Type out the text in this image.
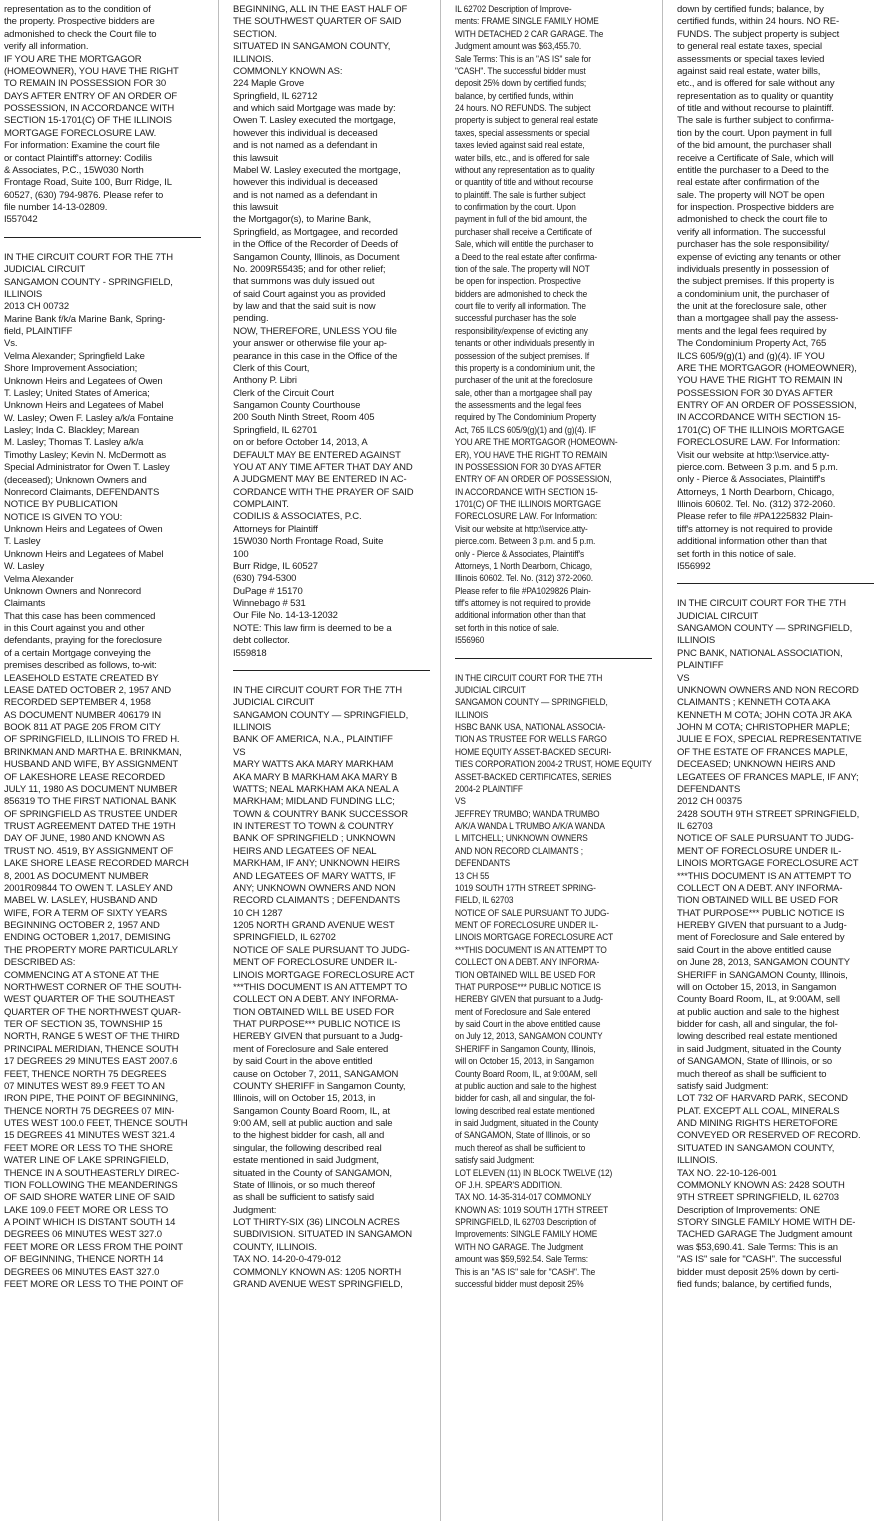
representation as to the condition of
the property. Prospective bidders are
admonished to check the Court file to
verify all information.
IF YOU ARE THE MORTGAGOR
(HOMEOWNER), YOU HAVE THE RIGHT
TO REMAIN IN POSSESSION FOR 30
DAYS AFTER ENTRY OF AN ORDER OF
POSSESSION, IN ACCORDANCE WITH
SECTION 15-1701(C) OF THE ILLINOIS
MORTGAGE FORECLOSURE LAW.
For information: Examine the court file
or contact Plaintiff's attorney: Codilis
& Associates, P.C., 15W030 North
Frontage Road, Suite 100, Burr Ridge, IL
60527, (630) 794-9876. Please refer to
file number 14-13-02809.
I557042
IN THE CIRCUIT COURT FOR THE 7TH
JUDICIAL CIRCUIT
SANGAMON COUNTY - SPRINGFIELD,
ILLINOIS
2013 CH 00732
Marine Bank f/k/a Marine Bank, Spring-
field, PLAINTIFF
Vs.
Velma Alexander; Springfield Lake
Shore Improvement Association;
Unknown Heirs and Legatees of Owen
T. Lasley; United States of America;
Unknown Heirs and Legatees of Mabel
W. Lasley; Owen F. Lasley a/k/a Fontaine
Lasley; Inda C. Blackley; Marean
M. Lasley; Thomas T. Lasley a/k/a
Timothy Lasley; Kevin N. McDermott as
Special Administrator for Owen T. Lasley
(deceased); Unknown Owners and
Nonrecord Claimants, DEFENDANTS
NOTICE BY PUBLICATION
NOTICE IS GIVEN TO YOU:
Unknown Heirs and Legatees of Owen
T. Lasley
Unknown Heirs and Legatees of Mabel
W. Lasley
Velma Alexander
Unknown Owners and Nonrecord
Claimants
That this case has been commenced
in this Court against you and other
defendants, praying for the foreclosure
of a certain Mortgage conveying the
premises described as follows, to-wit:
LEASEHOLD ESTATE CREATED BY
LEASE DATED OCTOBER 2, 1957 AND
RECORDED SEPTEMBER 4, 1958
AS DOCUMENT NUMBER 406179 IN
BOOK 811 AT PAGE 205 FROM CITY
OF SPRINGFIELD, ILLINOIS TO FRED H.
BRINKMAN AND MARTHA E. BRINKMAN,
HUSBAND AND WIFE, BY ASSIGNMENT
OF LAKESHORE LEASE RECORDED
JULY 11, 1980 AS DOCUMENT NUMBER
856319 TO THE FIRST NATIONAL BANK
OF SPRINGFIELD AS TRUSTEE UNDER
TRUST AGREEMENT DATED THE 19TH
DAY OF JUNE, 1980 AND KNOWN AS
TRUST NO. 4519, BY ASSIGNMENT OF
LAKE SHORE LEASE RECORDED MARCH
8, 2001 AS DOCUMENT NUMBER
2001R09844 TO OWEN T. LASLEY AND
MABEL W. LASLEY, HUSBAND AND
WIFE, FOR A TERM OF SIXTY YEARS
BEGINNING OCTOBER 2, 1957 AND
ENDING OCTOBER 1,2017, DEMISING
THE PROPERTY MORE PARTICULARLY
DESCRIBED AS:
COMMENCING AT A STONE AT THE
NORTHWEST CORNER OF THE SOUTH-
WEST QUARTER OF THE SOUTHEAST
QUARTER OF THE NORTHWEST QUAR-
TER OF SECTION 35, TOWNSHIP 15
NORTH, RANGE 5 WEST OF THE THIRD
PRINCIPAL MERIDIAN, THENCE SOUTH
17 DEGREES 29 MINUTES EAST 2007.6
FEET, THENCE NORTH 75 DEGREES
07 MINUTES WEST 89.9 FEET TO AN
IRON PIPE, THE POINT OF BEGINNING,
THENCE NORTH 75 DEGREES 07 MIN-
UTES WEST 100.0 FEET, THENCE SOUTH
15 DEGREES 41 MINUTES WEST 321.4
FEET MORE OR LESS TO THE SHORE
WATER LINE OF LAKE SPRINGFIELD,
THENCE IN A SOUTHEASTERLY DIREC-
TION FOLLOWING THE MEANDERINGS
OF SAID SHORE WATER LINE OF SAID
LAKE 109.0 FEET MORE OR LESS TO
A POINT WHICH IS DISTANT SOUTH 14
DEGREES 06 MINUTES WEST 327.0
FEET MORE OR LESS FROM THE POINT
OF BEGINNING, THENCE NORTH 14
DEGREES 06 MINUTES EAST 327.0
FEET MORE OR LESS TO THE POINT OF
BEGINNING, ALL IN THE EAST HALF OF
THE SOUTHWEST QUARTER OF SAID
SECTION.
SITUATED IN SANGAMON COUNTY,
ILLINOIS.
COMMONLY KNOWN AS:
224 Maple Grove
Springfield, IL 62712
and which said Mortgage was made by:
Owen T. Lasley executed the mortgage,
however this individual is deceased
and is not named as a defendant in
this lawsuit
Mabel W. Lasley executed the mortgage,
however this individual is deceased
and is not named as a defendant in
this lawsuit
the Mortgagor(s), to Marine Bank,
Springfield, as Mortgagee, and recorded
in the Office of the Recorder of Deeds of
Sangamon County, Illinois, as Document
No. 2009R55435; and for other relief;
that summons was duly issued out
of said Court against you as provided
by law and that the said suit is now
pending.
NOW, THEREFORE, UNLESS YOU file
your answer or otherwise file your ap-
pearance in this case in the Office of the
Clerk of this Court,
Anthony P. Libri
Clerk of the Circuit Court
Sangamon County Courthouse
200 South Ninth Street, Room 405
Springfield, IL 62701
on or before October 14, 2013, A
DEFAULT MAY BE ENTERED AGAINST
YOU AT ANY TIME AFTER THAT DAY AND
A JUDGMENT MAY BE ENTERED IN AC-
CORDANCE WITH THE PRAYER OF SAID
COMPLAINT.
CODILIS & ASSOCIATES, P.C.
Attorneys for Plaintiff
15W030 North Frontage Road, Suite
100
Burr Ridge, IL 60527
(630) 794-5300
DuPage # 15170
Winnebago # 531
Our File No. 14-13-12032
NOTE: This law firm is deemed to be a
debt collector.
I559818
IN THE CIRCUIT COURT FOR THE 7TH
JUDICIAL CIRCUIT
SANGAMON COUNTY — SPRINGFIELD,
ILLINOIS
BANK OF AMERICA, N.A., PLAINTIFF
VS
MARY WATTS AKA MARY MARKHAM
AKA MARY B MARKHAM AKA MARY B
WATTS; NEAL MARKHAM AKA NEAL A
MARKHAM; MIDLAND FUNDING LLC;
TOWN & COUNTRY BANK SUCCESSOR
IN INTEREST TO TOWN & COUNTRY
BANK OF SPRINGFIELD ; UNKNOWN
HEIRS AND LEGATEES OF NEAL
MARKHAM, IF ANY; UNKNOWN HEIRS
AND LEGATEES OF MARY WATTS, IF
ANY; UNKNOWN OWNERS AND NON
RECORD CLAIMANTS ; DEFENDANTS
10 CH 1287
1205 NORTH GRAND AVENUE WEST
SPRINGFIELD, IL 62702
NOTICE OF SALE PURSUANT TO JUDG-
MENT OF FORECLOSURE UNDER IL-
LINOIS MORTGAGE FORECLOSURE ACT
***THIS DOCUMENT IS AN ATTEMPT TO
COLLECT ON A DEBT. ANY INFORMA-
TION OBTAINED WILL BE USED FOR
THAT PURPOSE*** PUBLIC NOTICE IS
HEREBY GIVEN that pursuant to a Judg-
ment of Foreclosure and Sale entered
by said Court in the above entitled
cause on October 7, 2011, SANGAMON
COUNTY SHERIFF in Sangamon County,
Illinois, will on October 15, 2013, in
Sangamon County Board Room, IL, at
9:00 AM, sell at public auction and sale
to the highest bidder for cash, all and
singular, the following described real
estate mentioned in said Judgment,
situated in the County of SANGAMON,
State of Illinois, or so much thereof
as shall be sufficient to satisfy said
Judgment:
LOT THIRTY-SIX (36) LINCOLN ACRES
SUBDIVISION. SITUATED IN SANGAMON
COUNTY, ILLINOIS.
TAX NO. 14-20-0-479-012
COMMONLY KNOWN AS: 1205 NORTH
GRAND AVENUE WEST SPRINGFIELD,
IL 62702 Description of Improve-
ments: FRAME SINGLE FAMILY HOME
WITH DETACHED 2 CAR GARAGE. The
Judgment amount was $63,455.70.
Sale Terms: This is an "AS IS" sale for
"CASH". The successful bidder must
deposit 25% down by certified funds;
balance, by certified funds, within
24 hours. NO REFUNDS. The subject
property is subject to general real estate
taxes, special assessments or special
taxes levied against said real estate,
water bills, etc., and is offered for sale
without any representation as to quality
or quantity of title and without recourse
to plaintiff. The sale is further subject
to confirmation by the court. Upon
payment in full of the bid amount, the
purchaser shall receive a Certificate of
Sale, which will entitle the purchaser to
a Deed to the real estate after confirma-
tion of the sale. The property will NOT
be open for inspection. Prospective
bidders are admonished to check the
court file to verify all information. The
successful purchaser has the sole
responsibility/expense of evicting any
tenants or other individuals presently in
possession of the subject premises. If
this property is a condominium unit, the
purchaser of the unit at the foreclosure
sale, other than a mortgagee shall pay
the assessments and the legal fees
required by The Condominium Property
Act, 765 ILCS 605/9(g)(1) and (g)(4). IF
YOU ARE THE MORTGAGOR (HOMEOWN-
ER), YOU HAVE THE RIGHT TO REMAIN
IN POSSESSION FOR 30 DYAS AFTER
ENTRY OF AN ORDER OF POSSESSION,
IN ACCORDANCE WITH SECTION 15-
1701(C) OF THE ILLINOIS MORTGAGE
FORECLOSURE LAW. For Information:
Visit our website at http:\\service.atty-
pierce.com. Between 3 p.m. and 5 p.m.
only - Pierce & Associates, Plaintiff's
Attorneys, 1 North Dearborn, Chicago,
Illinois 60602. Tel. No. (312) 372-2060.
Please refer to file #PA1029826 Plain-
tiff's attorney is not required to provide
additional information other than that
set forth in this notice of sale.
I556960
IN THE CIRCUIT COURT FOR THE 7TH
JUDICIAL CIRCUIT
SANGAMON COUNTY — SPRINGFIELD,
ILLINOIS
HSBC BANK USA, NATIONAL ASSOCIA-
TION AS TRUSTEE FOR WELLS FARGO
HOME EQUITY ASSET-BACKED SECURI-
TIES CORPORATION 2004-2 TRUST, HOME EQUITY
ASSET-BACKED CERTIFICATES, SERIES
2004-2 PLAINTIFF
VS
JEFFREY TRUMBO; WANDA TRUMBO
A/K/A WANDA L TRUMBO A/K/A WANDA
L MITCHELL; UNKNOWN OWNERS
AND NON RECORD CLAIMANTS ;
DEFENDANTS
13 CH 55
1019 SOUTH 17TH STREET SPRING-
FIELD, IL 62703
NOTICE OF SALE PURSUANT TO JUDG-
MENT OF FORECLOSURE UNDER IL-
LINOIS MORTGAGE FORECLOSURE ACT
***THIS DOCUMENT IS AN ATTEMPT TO
COLLECT ON A DEBT. ANY INFORMA-
TION OBTAINED WILL BE USED FOR
THAT PURPOSE*** PUBLIC NOTICE IS
HEREBY GIVEN that pursuant to a Judg-
ment of Foreclosure and Sale entered
by said Court in the above entitled cause
on July 12, 2013, SANGAMON COUNTY
SHERIFF in Sangamon County, Illinois,
will on October 15, 2013, in Sangamon
County Board Room, IL, at 9:00AM, sell
at public auction and sale to the highest
bidder for cash, all and singular, the fol-
lowing described real estate mentioned
in said Judgment, situated in the County
of SANGAMON, State of Illinois, or so
much thereof as shall be sufficient to
satisfy said Judgment:
LOT ELEVEN (11) IN BLOCK TWELVE (12)
OF J.H. SPEAR'S ADDITION.
TAX NO. 14-35-314-017 COMMONLY
KNOWN AS: 1019 SOUTH 17TH STREET
SPRINGFIELD, IL 62703 Description of
Improvements: SINGLE FAMILY HOME
WITH NO GARAGE. The Judgment
amount was $59,592.54. Sale Terms:
This is an "AS IS" sale for "CASH". The
successful bidder must deposit 25%
down by certified funds; balance, by
certified funds, within 24 hours. NO RE-
FUNDS. The subject property is subject
to general real estate taxes, special
assessments or special taxes levied
against said real estate, water bills,
etc., and is offered for sale without any
representation as to quality or quantity
of title and without recourse to plaintiff.
The sale is further subject to confirma-
tion by the court. Upon payment in full
of the bid amount, the purchaser shall
receive a Certificate of Sale, which will
entitle the purchaser to a Deed to the
real estate after confirmation of the
sale. The property will NOT be open
for inspection. Prospective bidders are
admonished to check the court file to
verify all information. The successful
purchaser has the sole responsibility/
expense of evicting any tenants or other
individuals presently in possession of
the subject premises. If this property is
a condominium unit, the purchaser of
the unit at the foreclosure sale, other
than a mortgagee shall pay the assess-
ments and the legal fees required by
The Condominium Property Act, 765
ILCS 605/9(g)(1) and (g)(4). IF YOU
ARE THE MORTGAGOR (HOMEOWNER),
YOU HAVE THE RIGHT TO REMAIN IN
POSSESSION FOR 30 DYAS AFTER
ENTRY OF AN ORDER OF POSSESSION,
IN ACCORDANCE WITH SECTION 15-
1701(C) OF THE ILLINOIS MORTGAGE
FORECLOSURE LAW. For Information:
Visit our website at http:\\service.atty-
pierce.com. Between 3 p.m. and 5 p.m.
only - Pierce & Associates, Plaintiff's
Attorneys, 1 North Dearborn, Chicago,
Illinois 60602. Tel. No. (312) 372-2060.
Please refer to file #PA1225832 Plain-
tiff's attorney is not required to provide
additional information other than that
set forth in this notice of sale.
I556992
IN THE CIRCUIT COURT FOR THE 7TH
JUDICIAL CIRCUIT
SANGAMON COUNTY — SPRINGFIELD,
ILLINOIS
PNC BANK, NATIONAL ASSOCIATION,
PLAINTIFF
VS
UNKNOWN OWNERS AND NON RECORD
CLAIMANTS ; KENNETH COTA AKA
KENNETH M COTA; JOHN COTA JR AKA
JOHN M COTA; CHRISTOPHER MAPLE;
JULIE E FOX, SPECIAL REPRESENTATIVE
OF THE ESTATE OF FRANCES MAPLE,
DECEASED; UNKNOWN HEIRS AND
LEGATEES OF FRANCES MAPLE, IF ANY;
DEFENDANTS
2012 CH 00375
2428 SOUTH 9TH STREET SPRINGFIELD,
IL 62703
NOTICE OF SALE PURSUANT TO JUDG-
MENT OF FORECLOSURE UNDER IL-
LINOIS MORTGAGE FORECLOSURE ACT
***THIS DOCUMENT IS AN ATTEMPT TO
COLLECT ON A DEBT. ANY INFORMA-
TION OBTAINED WILL BE USED FOR
THAT PURPOSE*** PUBLIC NOTICE IS
HEREBY GIVEN that pursuant to a Judg-
ment of Foreclosure and Sale entered by
said Court in the above entitled cause
on June 28, 2013, SANGAMON COUNTY
SHERIFF in SANGAMON County, Illinois,
will on October 15, 2013, in Sangamon
County Board Room, IL, at 9:00AM, sell
at public auction and sale to the highest
bidder for cash, all and singular, the fol-
lowing described real estate mentioned
in said Judgment, situated in the County
of SANGAMON, State of Illinois, or so
much thereof as shall be sufficient to
satisfy said Judgment:
LOT 732 OF HARVARD PARK, SECOND
PLAT. EXCEPT ALL COAL, MINERALS
AND MINING RIGHTS HERETOFORE
CONVEYED OR RESERVED OF RECORD.
SITUATED IN SANGAMON COUNTY,
ILLINOIS.
TAX NO. 22-10-126-001
COMMONLY KNOWN AS: 2428 SOUTH
9TH STREET SPRINGFIELD, IL 62703
Description of Improvements: ONE
STORY SINGLE FAMILY HOME WITH DE-
TACHED GARAGE The Judgment amount
was $53,690.41. Sale Terms: This is an
"AS IS" sale for "CASH". The successful
bidder must deposit 25% down by certi-
fied funds; balance, by certified funds,
